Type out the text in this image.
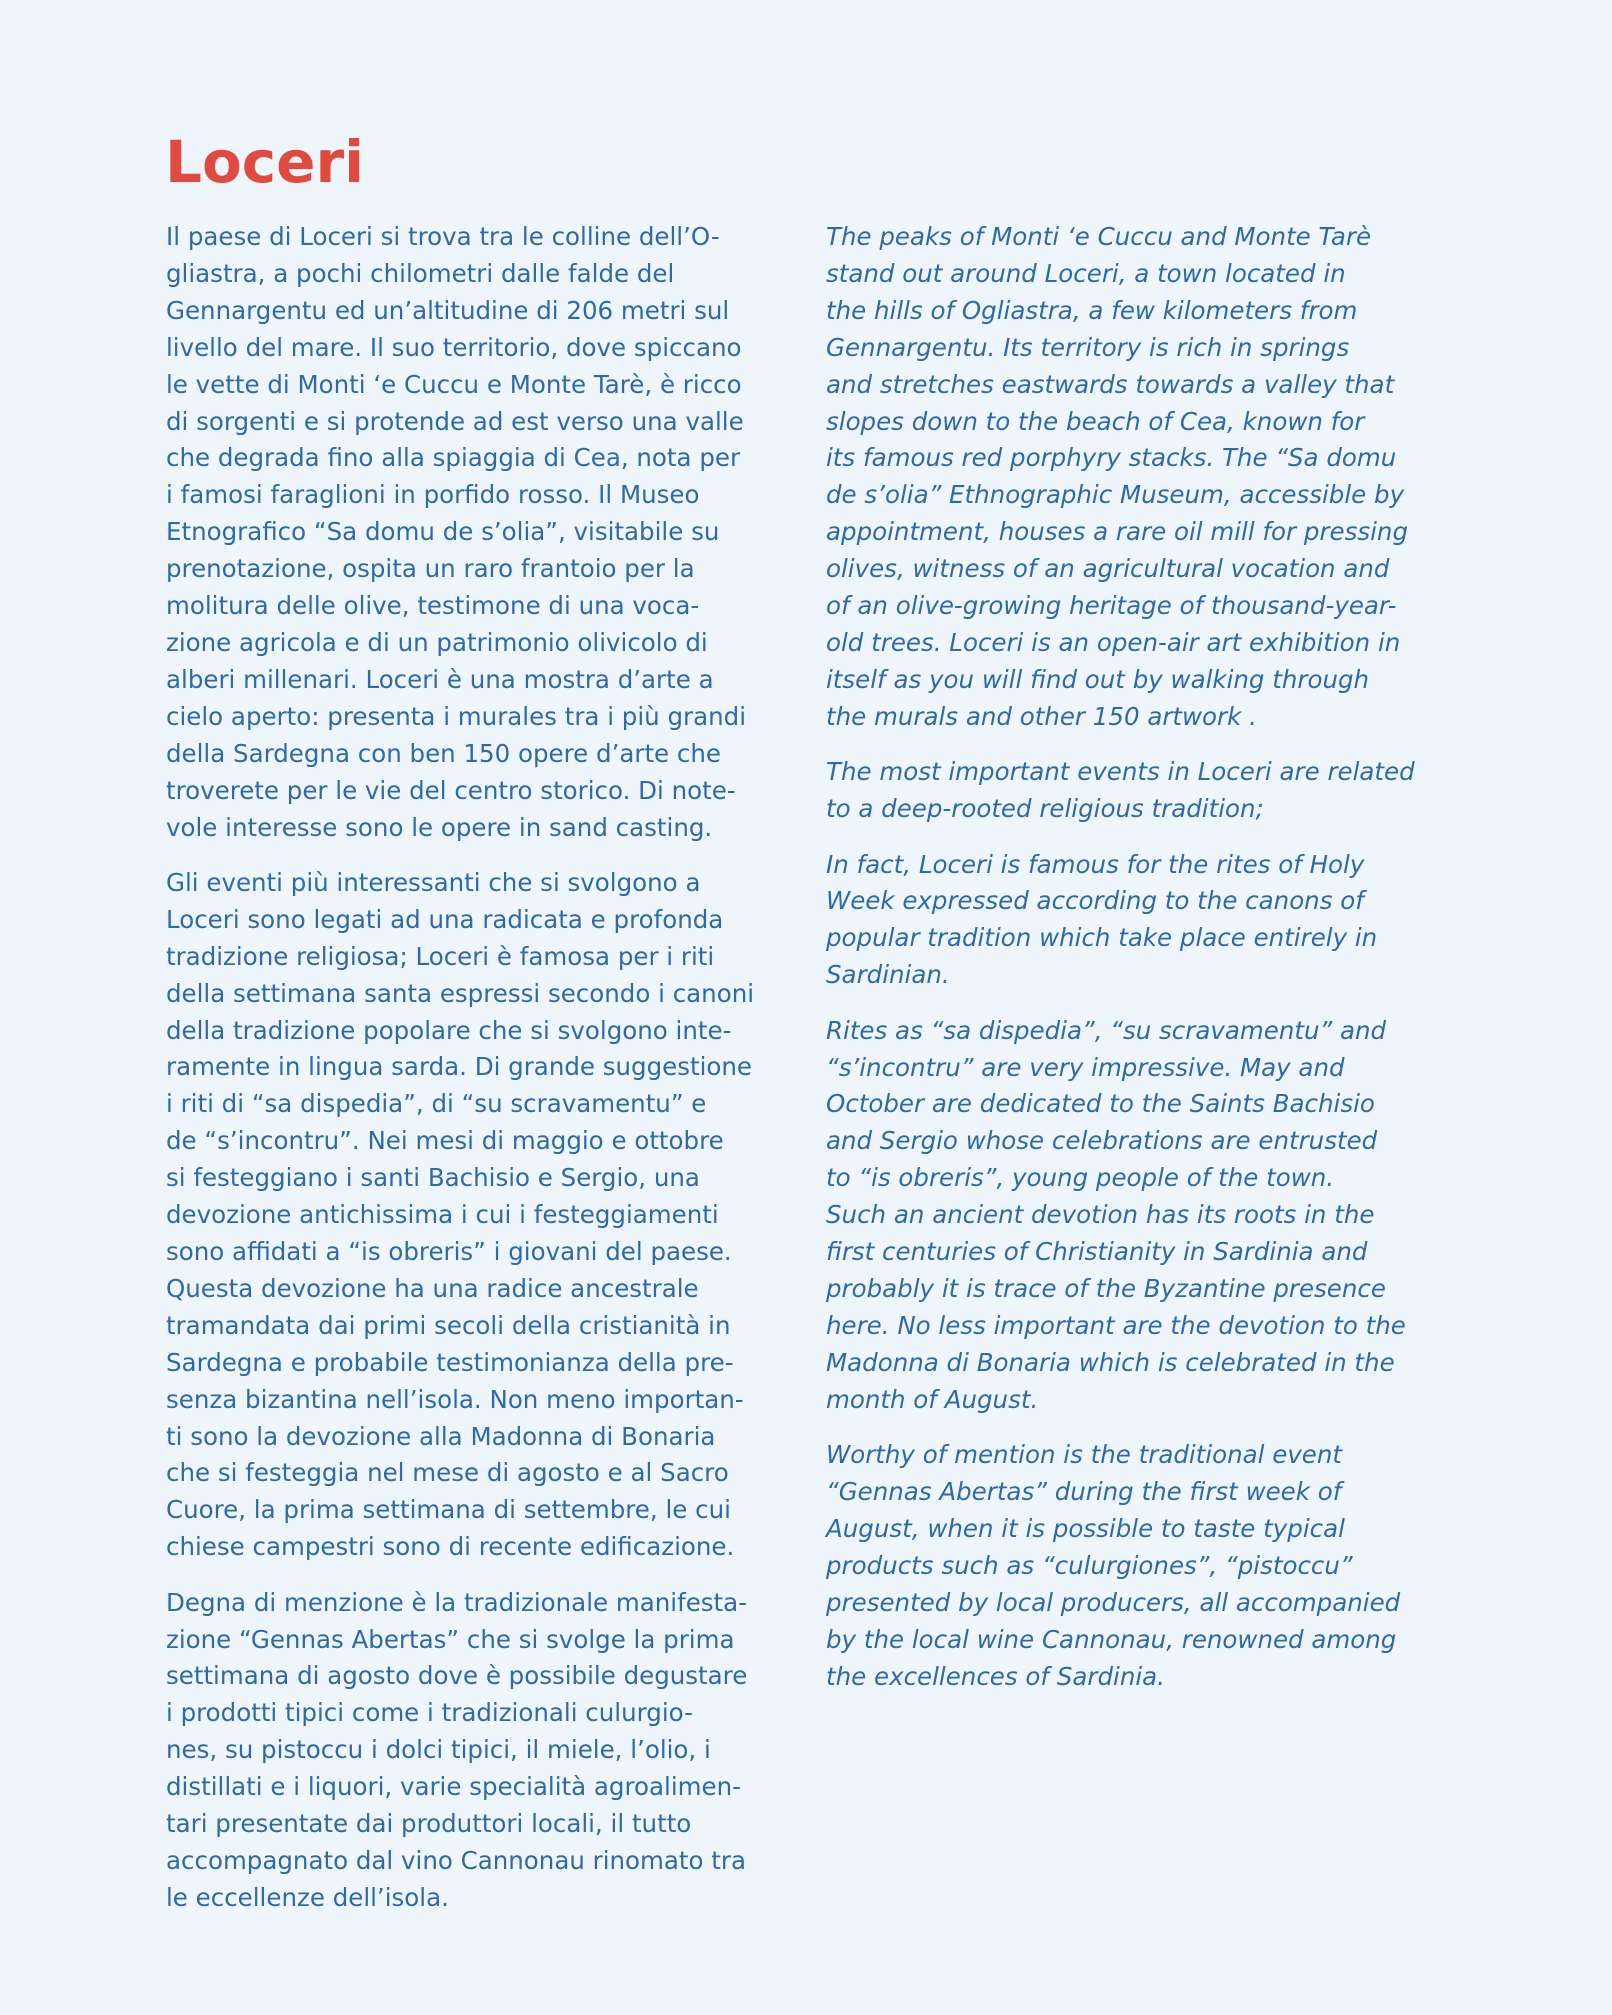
Loceri

Il paese di Loceri si trova tra le colline dell’O-
gliastra, a pochi chilometri dalle falde del
Gennargentu ed un’altitudine di 206 metri sul
livello del mare. Il suo territorio, dove spiccano
le vette di Monti ‘e Cuccu e Monte Tarè, è ricco
di sorgenti e si protende ad est verso una valle
che degrada fino alla spiaggia di Cea, nota per
i famosi faraglioni in porfido rosso. Il Museo
Etnografico “Sa domu de s’olia”, visitabile su
prenotazione, ospita un raro frantoio per la
molitura delle olive, testimone di una voca-
zione agricola e di un patrimonio olivicolo di
alberi millenari. Loceri è una mostra d’arte a
cielo aperto: presenta i murales tra i più grandi
della Sardegna con ben 150 opere d’arte che
troverete per le vie del centro storico. Di note-
vole interesse sono le opere in sand casting.

Gli eventi più interessanti che si svolgono a
Loceri sono legati ad una radicata e profonda
tradizione religiosa; Loceri è famosa per i riti
della settimana santa espressi secondo i canoni
della tradizione popolare che si svolgono inte-
ramente in lingua sarda. Di grande suggestione
i riti di “sa dispedia”, di “su scravamentu” e
de “s’incontru”. Nei mesi di maggio e ottobre
si festeggiano i santi Bachisio e Sergio, una
devozione antichissima i cui i festeggiamenti
sono affidati a “is obreris” i giovani del paese.
Questa devozione ha una radice ancestrale
tramandata dai primi secoli della cristianità in
Sardegna e probabile testimonianza della pre-
senza bizantina nell’isola. Non meno importan-
ti sono la devozione alla Madonna di Bonaria
che si festeggia nel mese di agosto e al Sacro
Cuore, la prima settimana di settembre, le cui
chiese campestri sono di recente edificazione.

Degna di menzione è la tradizionale manifesta-
zione “Gennas Abertas” che si svolge la prima
settimana di agosto dove è possibile degustare
i prodotti tipici come i tradizionali culurgio-
nes, su pistoccu i dolci tipici, il miele, l’olio, i
distillati e i liquori, varie specialità agroalimen-
tari presentate dai produttori locali, il tutto
accompagnato dal vino Cannonau rinomato tra
le eccellenze dell’isola.

The peaks of Monti ‘e Cuccu and Monte Tarè
stand out around Loceri, a town located in
the hills of Ogliastra, a few kilometers from
Gennargentu. Its territory is rich in springs
and stretches eastwards towards a valley that
slopes down to the beach of Cea, known for
its famous red porphyry stacks. The “Sa domu
de s’olia” Ethnographic Museum, accessible by
appointment, houses a rare oil mill for pressing
olives, witness of an agricultural vocation and
of an olive-growing heritage of thousand-year-
old trees. Loceri is an open-air art exhibition in
itself as you will find out by walking through
the murals and other 150 artwork .

The most important events in Loceri are related
to a deep-rooted religious tradition;

In fact, Loceri is famous for the rites of Holy
Week expressed according to the canons of
popular tradition which take place entirely in
Sardinian.

Rites as “sa dispedia”, “su scravamentu” and
“s’incontru” are very impressive. May and
October are dedicated to the Saints Bachisio
and Sergio whose celebrations are entrusted
to “is obreris”, young people of the town.
Such an ancient devotion has its roots in the
first centuries of Christianity in Sardinia and
probably it is trace of the Byzantine presence
here. No less important are the devotion to the
Madonna di Bonaria which is celebrated in the
month of August.

Worthy of mention is the traditional event
“Gennas Abertas” during the first week of
August, when it is possible to taste typical
products such as “culurgiones”, “pistoccu”
presented by local producers, all accompanied
by the local wine Cannonau, renowned among
the excellences of Sardinia.
